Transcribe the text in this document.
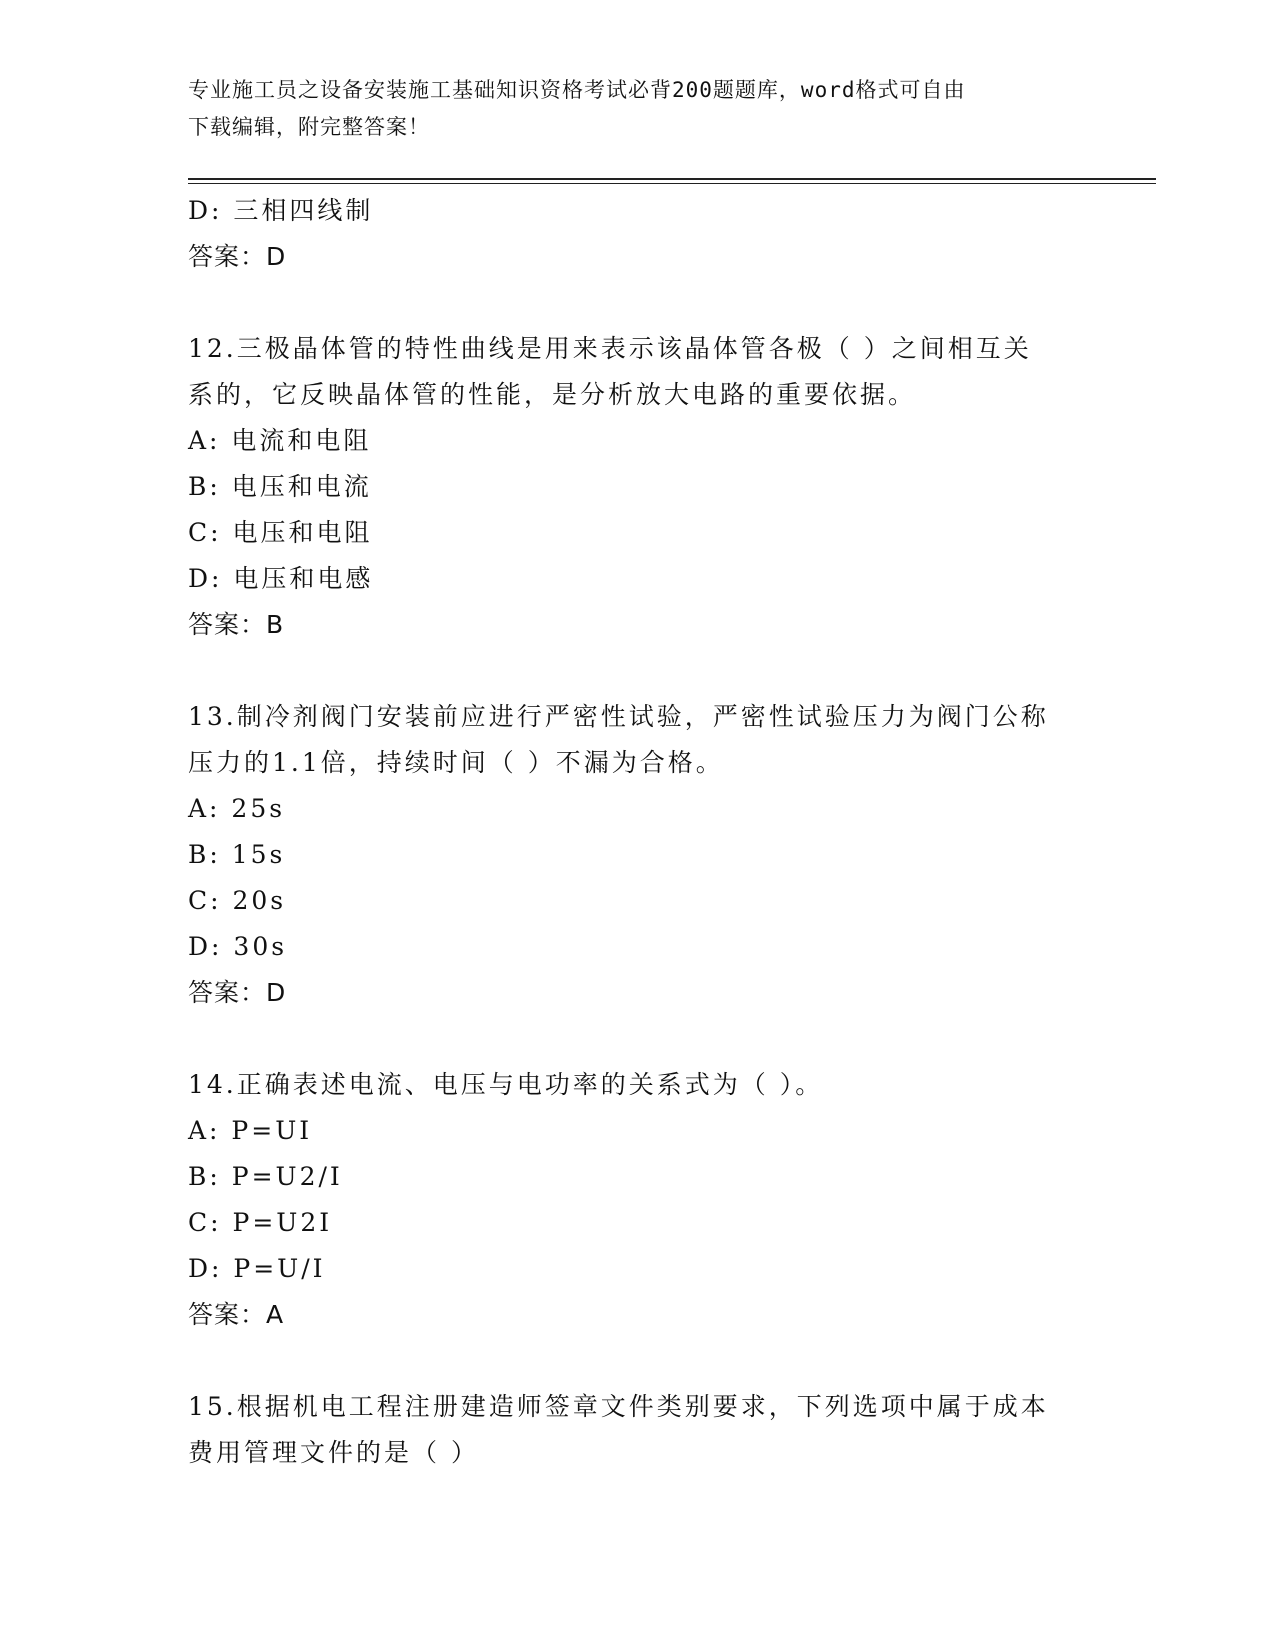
专业施工员之设备安装施工基础知识资格考试必背200题题库，word格式可自由
下载编辑，附完整答案！
D: 三相四线制
答案：D
12.三极晶体管的特性曲线是用来表示该晶体管各极（ ）之间相互关
系的，它反映晶体管的性能，是分析放大电路的重要依据。
A: 电流和电阻
B: 电压和电流
C: 电压和电阻
D: 电压和电感
答案：B
13.制冷剂阀门安装前应进行严密性试验，严密性试验压力为阀门公称
压力的1.1倍，持续时间（ ）不漏为合格。
A: 25s
B: 15s
C: 20s
D: 30s
答案：D
14.正确表述电流、电压与电功率的关系式为（ ）。
A: P=UI
B: P=U2/I
C: P=U2I
D: P=U/I
答案：A
15.根据机电工程注册建造师签章文件类别要求，下列选项中属于成本
费用管理文件的是（ ）
